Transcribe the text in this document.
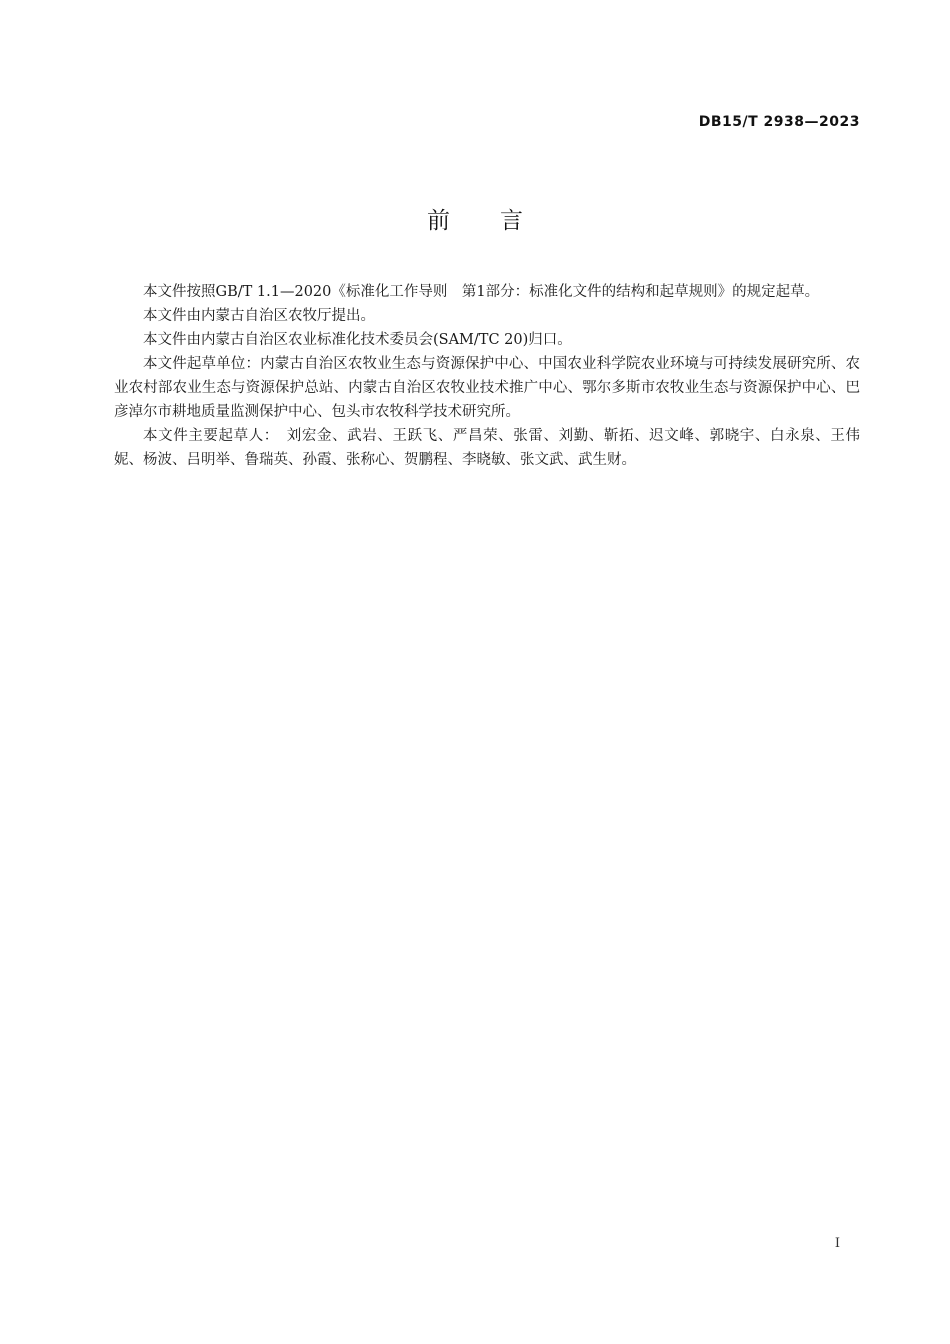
DB15/T 2938—2023
前言

本文件按照GB/T 1.1—2020《标准化工作导则　第1部分：标准化文件的结构和起草规则》的规定起草。

本文件由内蒙古自治区农牧厅提出。

本文件由内蒙古自治区农业标准化技术委员会(SAM/TC 20)归口。

本文件起草单位：内蒙古自治区农牧业生态与资源保护中心、中国农业科学院农业环境与可持续发展研究所、农业农村部农业生态与资源保护总站、内蒙古自治区农牧业技术推广中心、鄂尔多斯市农牧业生态与资源保护中心、巴彦淖尔市耕地质量监测保护中心、包头市农牧科学技术研究所。

本文件主要起草人：　刘宏金、武岩、王跃飞、严昌荣、张雷、刘勤、靳拓、迟文峰、郭晓宇、白永泉、王伟妮、杨波、吕明举、鲁瑞英、孙霞、张称心、贺鹏程、李晓敏、张文武、武生财。

I
